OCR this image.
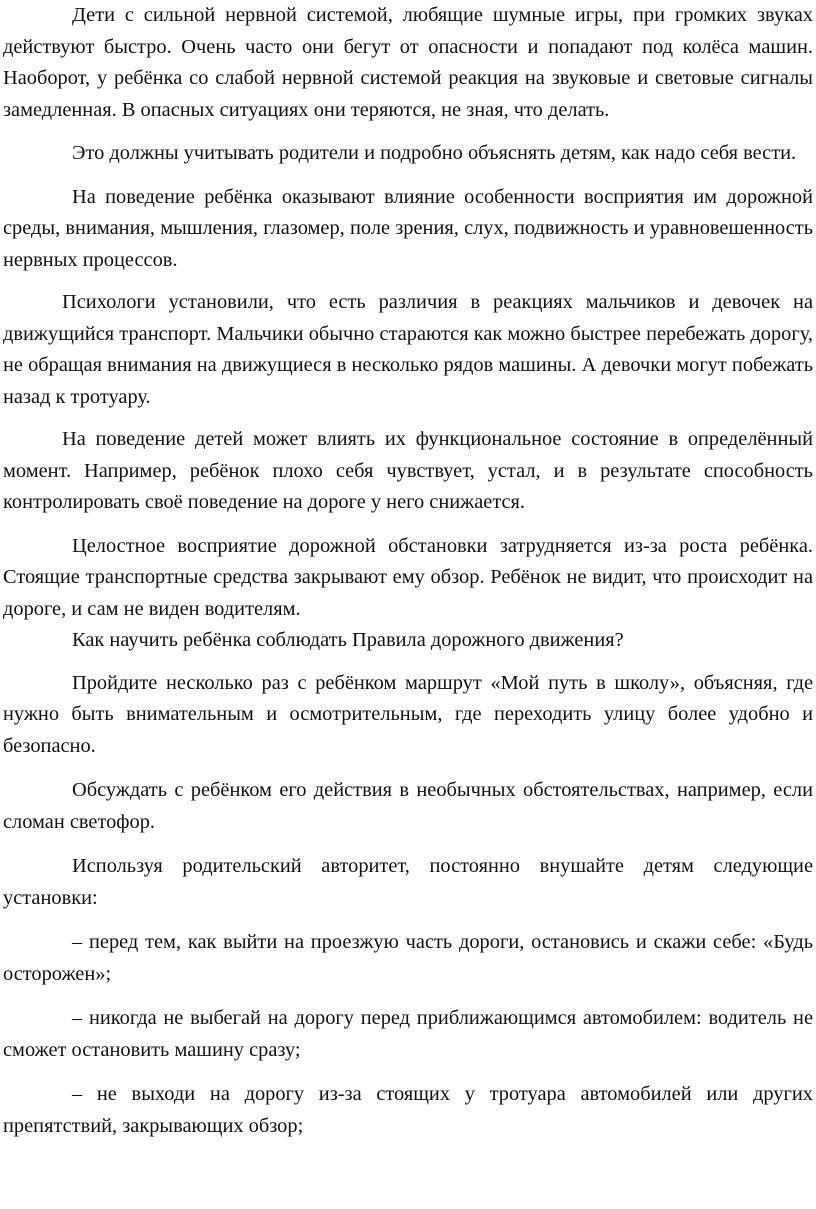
Дети с сильной нервной системой, любящие шумные игры, при громких звуках действуют быстро. Очень часто они бегут от опасности и попадают под колёса машин. Наоборот, у ребёнка со слабой нервной системой реакция на звуковые и световые сигналы замедленная. В опасных ситуациях они теряются, не зная, что делать.

Это должны учитывать родители и подробно объяснять детям, как надо себя вести.

На поведение ребёнка оказывают влияние особенности восприятия им дорожной среды, внимания, мышления, глазомер, поле зрения, слух, подвижность и уравновешенность нервных процессов.

Психологи установили, что есть различия в реакциях мальчиков и девочек на движущийся транспорт. Мальчики обычно стараются как можно быстрее перебежать дорогу, не обращая внимания на движущиеся в несколько рядов машины. А девочки могут побежать назад к тротуару.

На поведение детей может влиять их функциональное состояние в определённый момент. Например, ребёнок плохо себя чувствует, устал, и в результате способность контролировать своё поведение на дороге у него снижается.

Целостное восприятие дорожной обстановки затрудняется из-за роста ребёнка. Стоящие транспортные средства закрывают ему обзор. Ребёнок не видит, что происходит на дороге, и сам не виден водителям.

Как научить ребёнка соблюдать Правила дорожного движения?

Пройдите несколько раз с ребёнком маршрут «Мой путь в школу», объясняя, где нужно быть внимательным и осмотрительным, где переходить улицу более удобно и безопасно.

Обсуждать с ребёнком его действия в необычных обстоятельствах, например, если сломан светофор.

Используя родительский авторитет, постоянно внушайте детям следующие установки:

– перед тем, как выйти на проезжую часть дороги, остановись и скажи себе: «Будь осторожен»;

– никогда не выбегай на дорогу перед приближающимся автомобилем: водитель не сможет остановить машину сразу;

– не выходи на дорогу из-за стоящих у тротуара автомобилей или других препятствий, закрывающих обзор;
